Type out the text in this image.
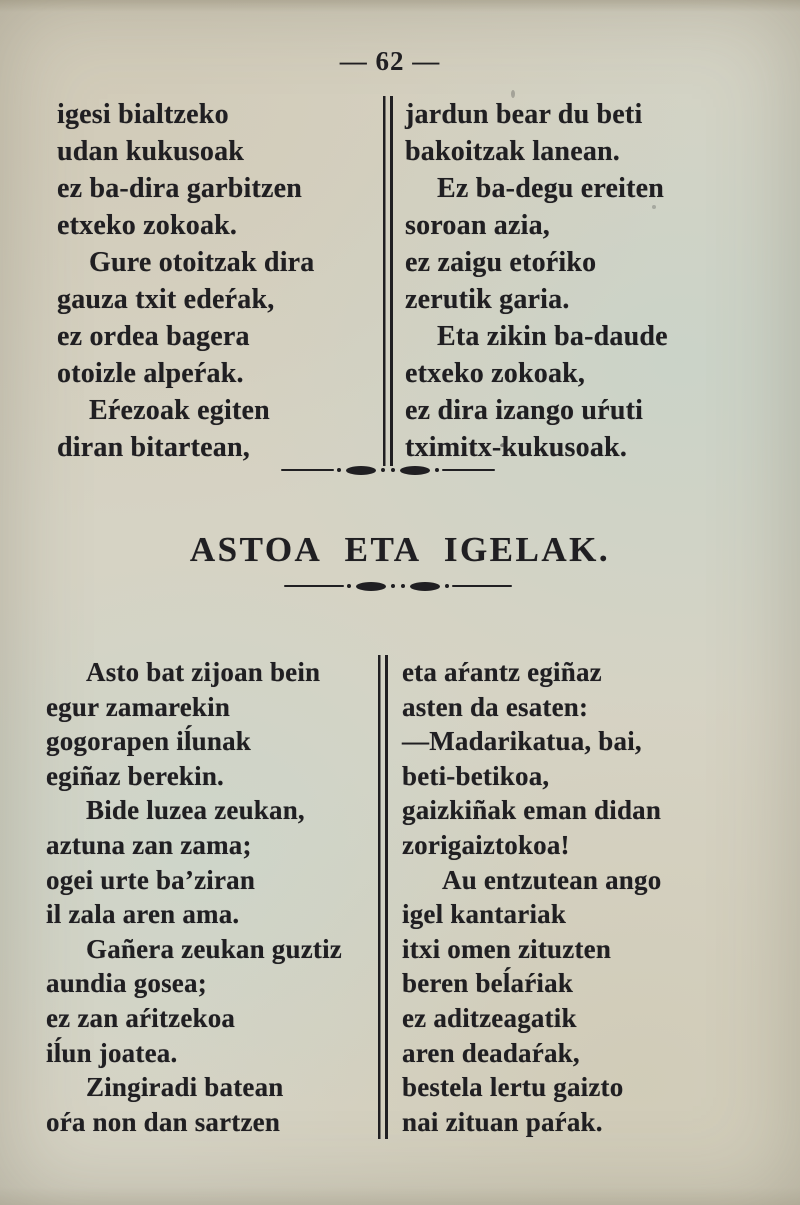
— 62 —
igesi bialtzeko
udan kukusoak
ez ba-dira garbitzen
etxeko zokoak.
Gure otoitzak dira
gauza txit edeŕak,
ez ordea bagera
otoizle alpeŕak.
Eŕezoak egiten
diran bitartean,
jardun bear du beti
bakoitzak lanean.
Ez ba-degu ereiten
soroan azia,
ez zaigu etoŕiko
zerutik garia.
Eta zikin ba-daude
etxeko zokoak,
ez dira izango uŕuti
tximitx-kukusoak.
ASTOA ETA IGELAK.
Asto bat zijoan bein
egur zamarekin
gogorapen iĺunak
egiñaz berekin.
Bide luzea zeukan,
aztuna zan zama;
ogei urte ba’ziran
il zala aren ama.
Gañera zeukan guztiz
aundia gosea;
ez zan aŕitzekoa
iĺun joatea.
Zingiradi batean
oŕa non dan sartzen
eta aŕantz egiñaz
asten da esaten:
—Madarikatua, bai,
beti-betikoa,
gaizkiñak eman didan
zorigaiztokoa!
Au entzutean ango
igel kantariak
itxi omen zituzten
beren beĺaŕiak
ez aditzeagatik
aren deadaŕak,
bestela lertu gaizto
nai zituan paŕak.
